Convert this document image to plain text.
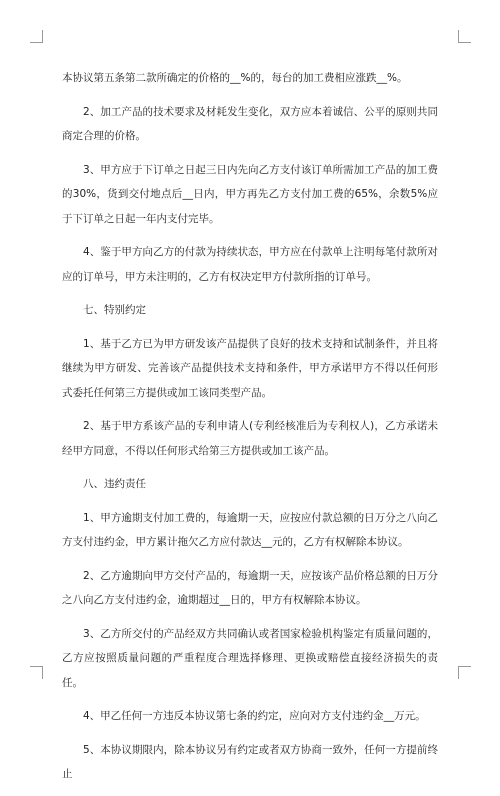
本协议第五条第二款所确定的价格的__%的，每台的加工费相应涨跌__%。

2、加工产品的技术要求及材耗发生变化，双方应本着诚信、公平的原则共同商定合理的价格。

3、甲方应于下订单之日起三日内先向乙方支付该订单所需加工产品的加工费的30%，货到交付地点后__日内，甲方再先乙方支付加工费的65%，余数5%应于下订单之日起一年内支付完毕。

4、鉴于甲方向乙方的付款为持续状态，甲方应在付款单上注明每笔付款所对应的订单号，甲方未注明的，乙方有权决定甲方付款所指的订单号。

七、特别约定

1、基于乙方已为甲方研发该产品提供了良好的技术支持和试制条件，并且将继续为甲方研发、完善该产品提供技术支持和条件，甲方承诺甲方不得以任何形式委托任何第三方提供或加工该同类型产品。

2、基于甲方系该产品的专利申请人(专利经核准后为专利权人)，乙方承诺未经甲方同意，不得以任何形式给第三方提供或加工该产品。

八、违约责任

1、甲方逾期支付加工费的，每逾期一天，应按应付款总额的日万分之八向乙方支付违约金，甲方累计拖欠乙方应付款达__元的，乙方有权解除本协议。

2、乙方逾期向甲方交付产品的，每逾期一天，应按该产品价格总额的日万分之八向乙方支付违约金，逾期超过__日的，甲方有权解除本协议。

3、乙方所交付的产品经双方共同确认或者国家检验机构鉴定有质量问题的，乙方应按照质量问题的严重程度合理选择修理、更换或赔偿直接经济损失的责任。

4、甲乙任何一方违反本协议第七条的约定，应向对方支付违约金__万元。

5、本协议期限内，除本协议另有约定或者双方协商一致外，任何一方提前终止
